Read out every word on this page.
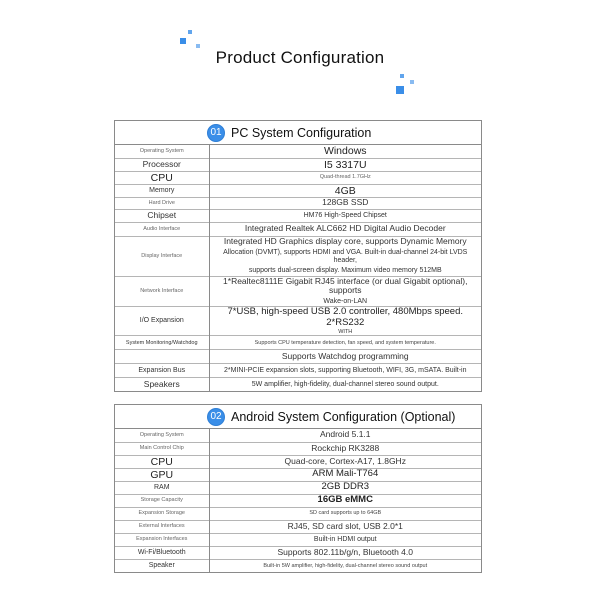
Product Configuration
01 PC System Configuration
Operating System	Windows
Processor	I5 3317U
CPU	Quad-thread 1.7GHz
Memory	4GB
Hard Drive	128GB SSD
Chipset	HM76 High-Speed Chipset
Audio Interface	Integrated Realtek ALC662 HD Digital Audio Decoder
Display Interface	Integrated HD Graphics display core, supports Dynamic Memory
Allocation (DVMT), supports HDMI and VGA. Built-in dual-channel 24-bit LVDS header,
supports dual-screen display. Maximum video memory 512MB

Network Interface	1*Realtec8111E Gigabit RJ45 interface (or dual Gigabit optional), supports
Wake-on-LAN

I/O Expansion	7*USB, high-speed USB 2.0 controller, 480Mbps speed. 2*RS232
WITH

System Monitoring/Watchdog	Supports CPU temperature detection, fan speed, and system temperature.
	Supports Watchdog programming
Expansion Bus	2*MINI-PCIE expansion slots, supporting Bluetooth, WIFI, 3G, mSATA. Built-in
Speakers	5W amplifier, high-fidelity, dual-channel stereo sound output.
02 Android System Configuration (Optional)
Operating System	Android 5.1.1
Main Control Chip	Rockchip RK3288
CPU	Quad-core, Cortex-A17, 1.8GHz
GPU	ARM Mali-T764
RAM	2GB DDR3
Storage Capacity	16GB eMMC
Expansion Storage	SD card supports up to 64GB
External Interfaces	RJ45, SD card slot, USB 2.0*1
Expansion Interfaces	Built-in HDMI output
Wi-Fi/Bluetooth	Supports 802.11b/g/n, Bluetooth 4.0
Speaker	Built-in 5W amplifier, high-fidelity, dual-channel stereo sound output
